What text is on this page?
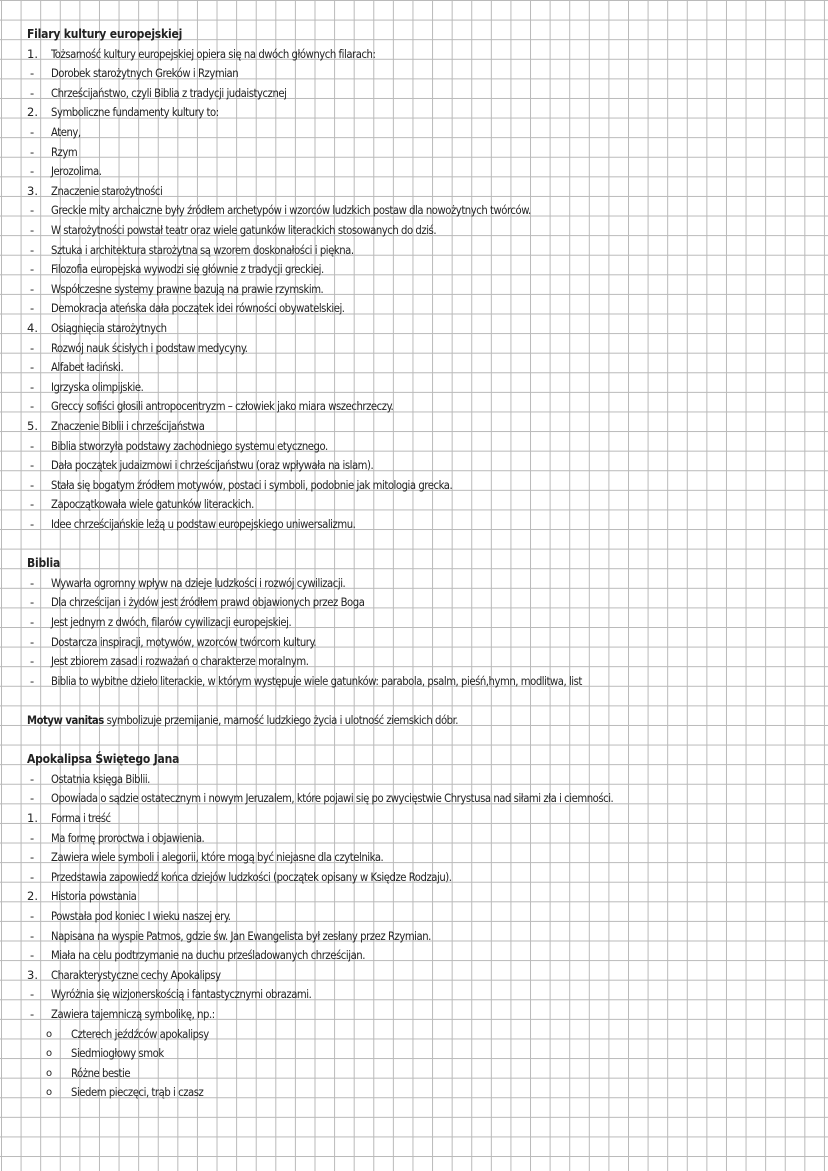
Filary kultury europejskiej
1. Tożsamość kultury europejskiej opiera się na dwóch głównych filarach:
- Dorobek starożytnych Greków i Rzymian
- Chrześcijaństwo, czyli Biblia z tradycji judaistycznej
2. Symboliczne fundamenty kultury to:
- Ateny,
- Rzym
- Jerozolima.
3. Znaczenie starożytności
- Greckie mity archaiczne były źródłem archetypów i wzorców ludzkich postaw dla nowożytnych twórców.
- W starożytności powstał teatr oraz wiele gatunków literackich stosowanych do dziś.
- Sztuka i architektura starożytna są wzorem doskonałości i piękna.
- Filozofia europejska wywodzi się głównie z tradycji greckiej.
- Współczesne systemy prawne bazują na prawie rzymskim.
- Demokracja ateńska dała początek idei równości obywatelskiej.
4. Osiągnięcia starożytnych
- Rozwój nauk ścisłych i podstaw medycyny.
- Alfabet łaciński.
- Igrzyska olimpijskie.
- Greccy sofiści głosili antropocentryzm – człowiek jako miara wszechrzeczy.
5. Znaczenie Biblii i chrześcijaństwa
- Biblia stworzyła podstawy zachodniego systemu etycznego.
- Dała początek judaizmowi i chrześcijaństwu (oraz wpływała na islam).
- Stała się bogatym źródłem motywów, postaci i symboli, podobnie jak mitologia grecka.
- Zapoczątkowała wiele gatunków literackich.
- Idee chrześcijańskie leżą u podstaw europejskiego uniwersalizmu.
Biblia
- Wywarła ogromny wpływ na dzieje ludzkości i rozwój cywilizacji.
- Dla chrześcijan i żydów jest źródłem prawd objawionych przez Boga
- Jest jednym z dwóch, filarów cywilizacji europejskiej.
- Dostarcza inspiracji, motywów, wzorców twórcom kultury.
- Jest zbiorem zasad i rozważań o charakterze moralnym.
- Biblia to wybitne dzieło literackie, w którym występuje wiele gatunków: parabola, psalm, pieśń,hymn, modlitwa, list
Motyw vanitas symbolizuje przemijanie, marność ludzkiego życia i ulotność ziemskich dóbr.
Apokalipsa Świętego Jana
- Ostatnia księga Biblii.
- Opowiada o sądzie ostatecznym i nowym Jeruzalem, które pojawi się po zwycięstwie Chrystusa nad siłami zła i ciemności.
1. Forma i treść
- Ma formę proroctwa i objawienia.
- Zawiera wiele symboli i alegorii, które mogą być niejasne dla czytelnika.
- Przedstawia zapowiedź końca dziejów ludzkości (początek opisany w Księdze Rodzaju).
2. Historia powstania
- Powstała pod koniec I wieku naszej ery.
- Napisana na wyspie Patmos, gdzie św. Jan Ewangelista był zesłany przez Rzymian.
- Miała na celu podtrzymanie na duchu prześladowanych chrześcijan.
3. Charakterystyczne cechy Apokalipsy
- Wyróżnia się wizjonerskością i fantastycznymi obrazami.
- Zawiera tajemniczą symbolikę, np.:
o Czterech jeźdźców apokalipsy
o Siedmiogłowy smok
o Różne bestie
o Siedem pieczęci, trąb i czasz
